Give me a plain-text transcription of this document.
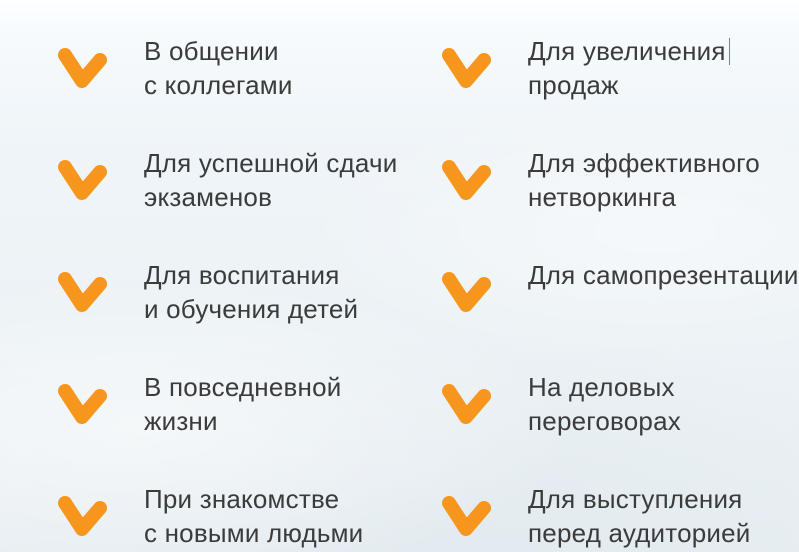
В общении
с коллегами
Для успешной сдачи
экзаменов
Для воспитания
и обучения детей
В повседневной
жизни
При знакомстве
с новыми людьми
Для увеличения
продаж
Для эффективного
нетворкинга
Для самопрезентации
На деловых
переговорах
Для выступления
перед аудиторией
